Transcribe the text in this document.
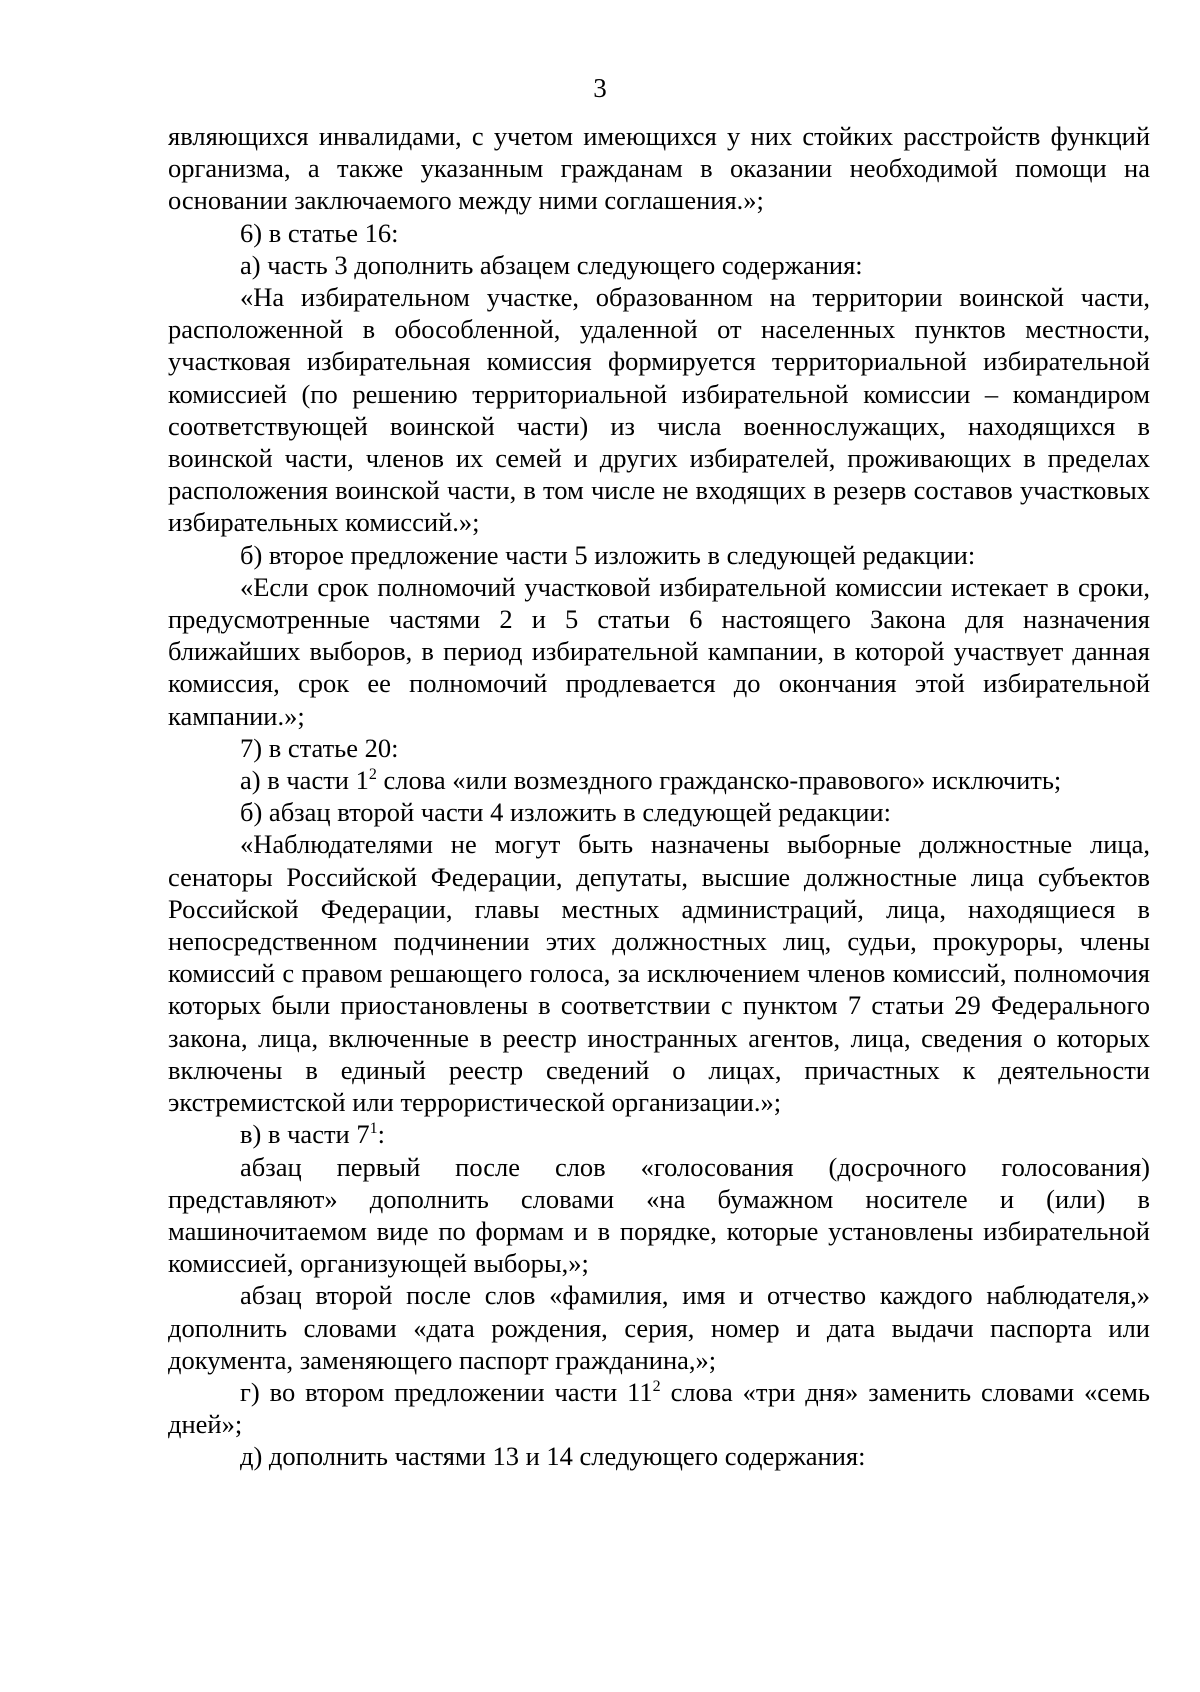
3

являющихся инвалидами, с учетом имеющихся у них стойких расстройств функций организма, а также указанным гражданам в оказании необходимой помощи на основании заключаемого между ними соглашения.»;

6) в статье 16:

а) часть 3 дополнить абзацем следующего содержания:

«На избирательном участке, образованном на территории воинской части, расположенной в обособленной, удаленной от населенных пунктов местности, участковая избирательная комиссия формируется территориальной избирательной комиссией (по решению территориальной избирательной комиссии – командиром соответствующей воинской части) из числа военнослужащих, находящихся в воинской части, членов их семей и других избирателей, проживающих в пределах расположения воинской части, в том числе не входящих в резерв составов участковых избирательных комиссий.»;

б) второе предложение части 5 изложить в следующей редакции:

«Если срок полномочий участковой избирательной комиссии истекает в сроки, предусмотренные частями 2 и 5 статьи 6 настоящего Закона для назначения ближайших выборов, в период избирательной кампании, в которой участвует данная комиссия, срок ее полномочий продлевается до окончания этой избирательной кампании.»;

7) в статье 20:

а) в части $1^2$ слова «или возмездного гражданско-правового» исключить;

б) абзац второй части 4 изложить в следующей редакции:

«Наблюдателями не могут быть назначены выборные должностные лица, сенаторы Российской Федерации, депутаты, высшие должностные лица субъектов Российской Федерации, главы местных администраций, лица, находящиеся в непосредственном подчинении этих должностных лиц, судьи, прокуроры, члены комиссий с правом решающего голоса, за исключением членов комиссий, полномочия которых были приостановлены в соответствии с пунктом 7 статьи 29 Федерального закона, лица, включенные в реестр иностранных агентов, лица, сведения о которых включены в единый реестр сведений о лицах, причастных к деятельности экстремистской или террористической организации.»;

в) в части $7^1$:

абзац первый после слов «голосования (досрочного голосования) представляют» дополнить словами «на бумажном носителе и (или) в машиночитаемом виде по формам и в порядке, которые установлены избирательной комиссией, организующей выборы,»;

абзац второй после слов «фамилия, имя и отчество каждого наблюдателя,» дополнить словами «дата рождения, серия, номер и дата выдачи паспорта или документа, заменяющего паспорт гражданина,»;

г) во втором предложении части $11^2$ слова «три дня» заменить словами «семь дней»;

д) дополнить частями 13 и 14 следующего содержания:
